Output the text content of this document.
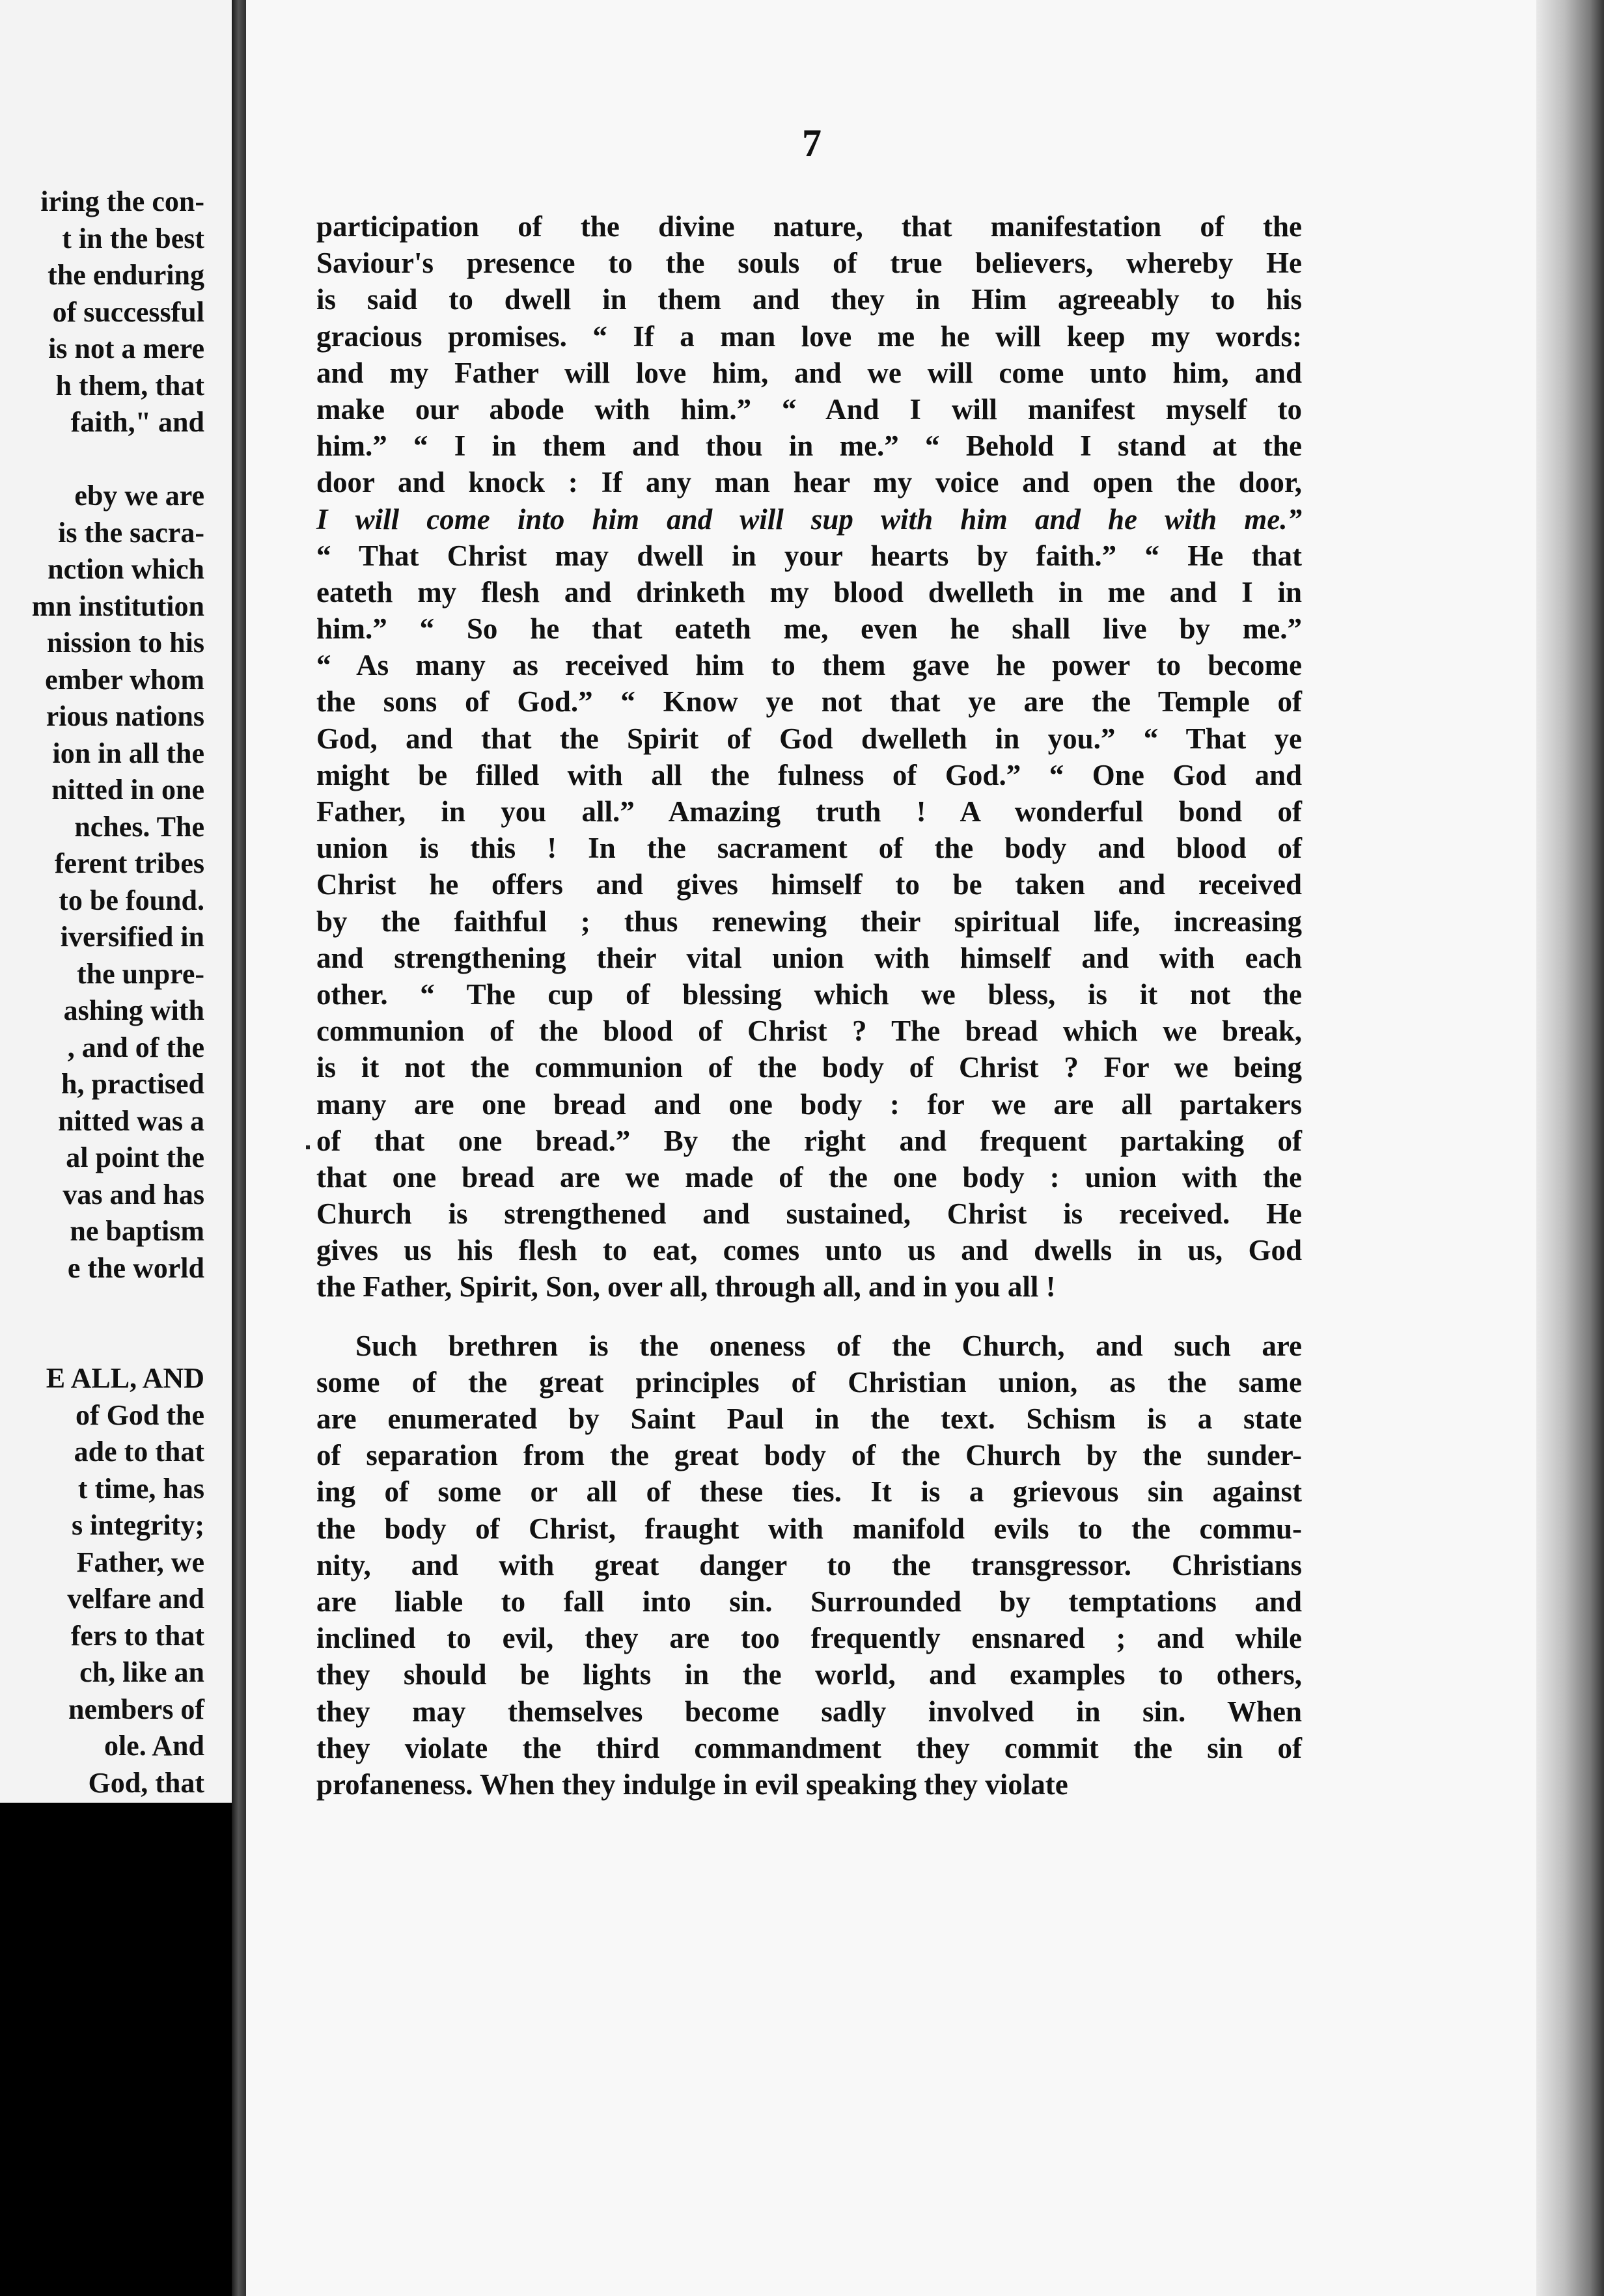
iring the con-
t in the best
the enduring
of successful
is not a mere
h them, that
faith," and
eby we are
is the sacra-
nction which
mn institution
nission to his
ember whom
rious nations
ion in all the
nitted in one
nches. The
ferent tribes
to be found.
iversified in
the unpre-
ashing with
, and of the
h, practised
nitted was a
al point the
vas and has
ne baptism
e the world
E ALL, AND
of God the
ade to that
t time, has
s integrity;
Father, we
velfare and
fers to that
ch, like an
nembers of
ole. And
God, that
7
participation of the divine nature, that manifestation of the
Saviour's presence to the souls of true believers, whereby He
is said to dwell in them and they in Him agreeably to his
gracious promises. “ If a man love me he will keep my words:
and my Father will love him, and we will come unto him, and
make our abode with him.” “ And I will manifest myself to
him.” “ I in them and thou in me.” “ Behold I stand at the
door and knock : If any man hear my voice and open the door,
I will come into him and will sup with him and he with me.”
“ That Christ may dwell in your hearts by faith.” “ He that
eateth my flesh and drinketh my blood dwelleth in me and I in
him.” “ So he that eateth me, even he shall live by me.”
“ As many as received him to them gave he power to become
the sons of God.” “ Know ye not that ye are the Temple of
God, and that the Spirit of God dwelleth in you.” “ That ye
might be filled with all the fulness of God.” “ One God and
Father, in you all.” Amazing truth ! A wonderful bond of
union is this ! In the sacrament of the body and blood of
Christ he offers and gives himself to be taken and received
by the faithful ; thus renewing their spiritual life, increasing
and strengthening their vital union with himself and with each
other. “ The cup of blessing which we bless, is it not the
communion of the blood of Christ ? The bread which we break,
is it not the communion of the body of Christ ? For we being
many are one bread and one body : for we are all partakers
of that one bread.” By the right and frequent partaking of
that one bread are we made of the one body : union with the
Church is strengthened and sustained, Christ is received. He
gives us his flesh to eat, comes unto us and dwells in us, God
the Father, Spirit, Son, over all, through all, and in you all !
Such brethren is the oneness of the Church, and such are
some of the great principles of Christian union, as the same
are enumerated by Saint Paul in the text. Schism is a state
of separation from the great body of the Church by the sunder-
ing of some or all of these ties. It is a grievous sin against
the body of Christ, fraught with manifold evils to the commu-
nity, and with great danger to the transgressor. Christians
are liable to fall into sin. Surrounded by temptations and
inclined to evil, they are too frequently ensnared ; and while
they should be lights in the world, and examples to others,
they may themselves become sadly involved in sin. When
they violate the third commandment they commit the sin of
profaneness. When they indulge in evil speaking they violate
